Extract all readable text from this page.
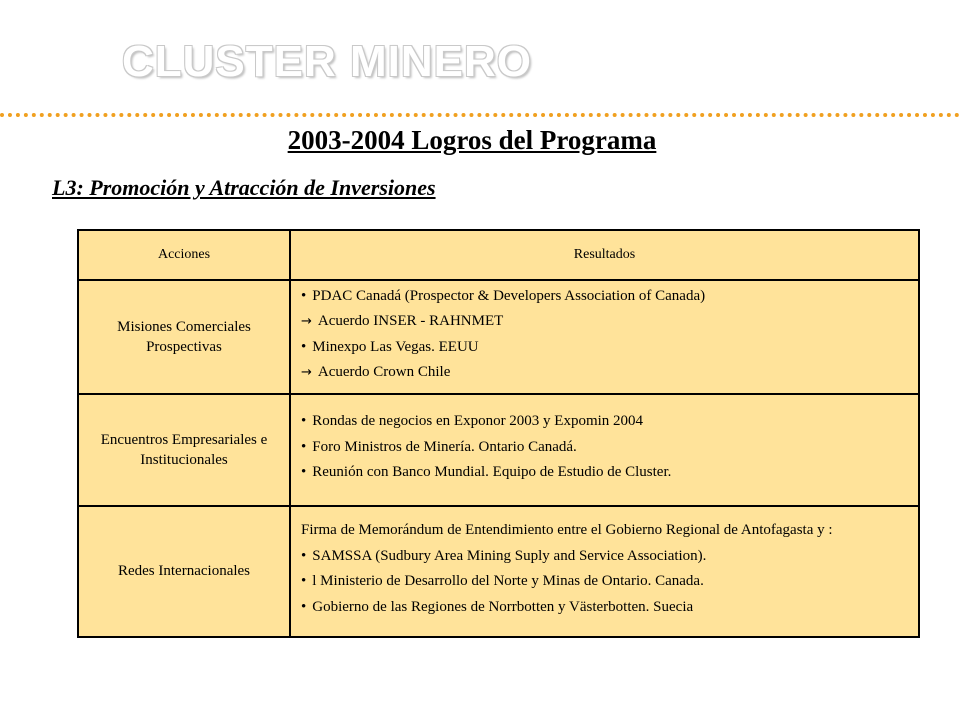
CLUSTER MINERO
2003-2004 Logros del Programa
L3: Promoción y Atracción de Inversiones
Acciones	Resultados
Misiones Comerciales Prospectivas	• PDAC Canadá (Prospector & Developers Association of Canada)
→ Acuerdo INSER - RAHNMET
• Minexpo Las Vegas. EEUU
→ Acuerdo Crown Chile

Encuentros Empresariales e Institucionales	• Rondas de negocios en Exponor 2003 y Expomin 2004
• Foro Ministros de Minería. Ontario Canadá.
• Reunión con Banco Mundial. Equipo de Estudio de Cluster.

Redes Internacionales	Firma de Memorándum de Entendimiento entre el Gobierno Regional de Antofagasta y :
• SAMSSA (Sudbury Area Mining Suply and Service Association).
• l Ministerio de Desarrollo del Norte y Minas de Ontario. Canada.
• Gobierno de las Regiones de Norrbotten y Västerbotten. Suecia
